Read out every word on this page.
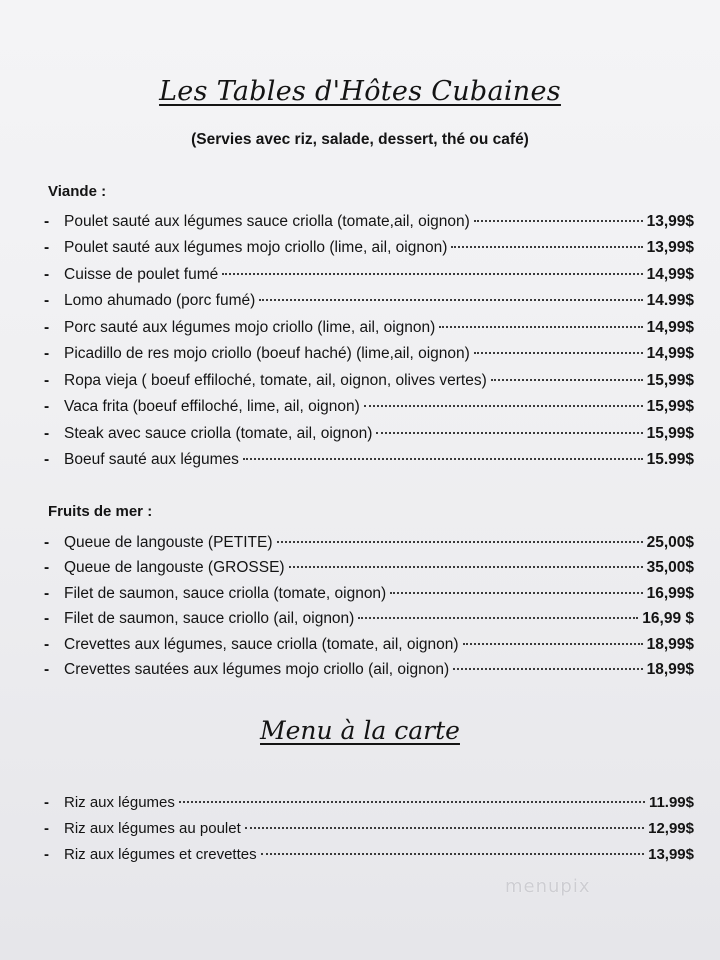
Les Tables d'Hôtes Cubaines
(Servies avec riz, salade, dessert, thé ou café)
Viande :
- Poulet sauté aux légumes sauce criolla (tomate,ail, oignon)	13,99$
- Poulet sauté aux légumes mojo criollo (lime, ail, oignon)	13,99$
- Cuisse de poulet fumé	14,99$
- Lomo ahumado (porc fumé)	14.99$
- Porc sauté aux légumes mojo criollo (lime, ail, oignon)	14,99$
- Picadillo de res mojo criollo (boeuf haché) (lime,ail, oignon)	14,99$
- Ropa vieja ( boeuf effiloché, tomate, ail, oignon, olives vertes)	15,99$
- Vaca frita (boeuf effiloché, lime, ail, oignon)	15,99$
- Steak avec sauce criolla (tomate, ail, oignon)	15,99$
- Boeuf sauté aux légumes	15.99$
Fruits de mer :
- Queue de langouste (PETITE)	25,00$
- Queue de langouste (GROSSE)	35,00$
- Filet de saumon, sauce criolla (tomate, oignon)	16,99$
- Filet de saumon, sauce criollo (ail, oignon)	16,99 $
- Crevettes aux légumes, sauce criolla (tomate, ail, oignon)	18,99$
- Crevettes sautées aux légumes mojo criollo (ail, oignon)	18,99$
Menu à la carte
-	Riz aux légumes	11.99$
-	Riz aux légumes au poulet	12,99$
-	Riz aux légumes et crevettes	13,99$
menupix
